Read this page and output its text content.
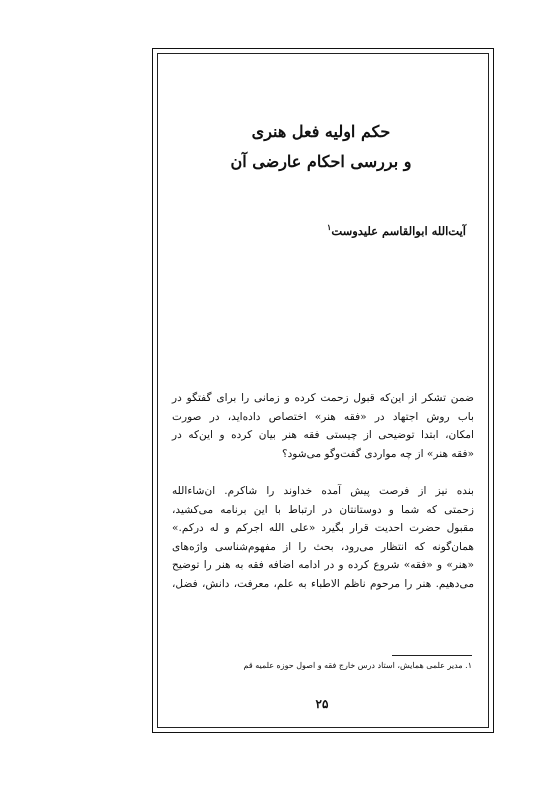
حکم اولیه فعل هنری
و بررسی احکام عارضی آن
آیت‌الله ابوالقاسم علیدوست$^۱$
ضمن تشکر از این‌که قبول زحمت کرده و زمانی را برای گفتگو در
باب روش اجتهاد در «فقه هنر» اختصاص داده‌اید، در صورت
امکان، ابتدا توضیحی از چیستی فقه هنر بیان کرده و این‌که در
«فقه هنر» از چه مواردی گفت‌وگو می‌شود؟
بنده نیز از فرصت پیش آمده خداوند را شاکرم. ان‌شاءالله
زحمتی که شما و دوستانتان در ارتباط با این برنامه می‌کشید،
مقبول حضرت احدیت قرار بگیرد «علی الله اجرکم و له درکم.»
همان‌گونه که انتظار می‌رود، بحث را از مفهوم‌شناسی واژه‌های
«هنر» و «فقه» شروع کرده و در ادامه اضافه فقه به هنر را توضیح
می‌دهیم. هنر را مرحوم ناظم الاطباء به علم، معرفت، دانش، فضل،
۱. مدیر علمی همایش، استاد درس خارج فقه و اصول حوزه علمیه قم
۲۵
